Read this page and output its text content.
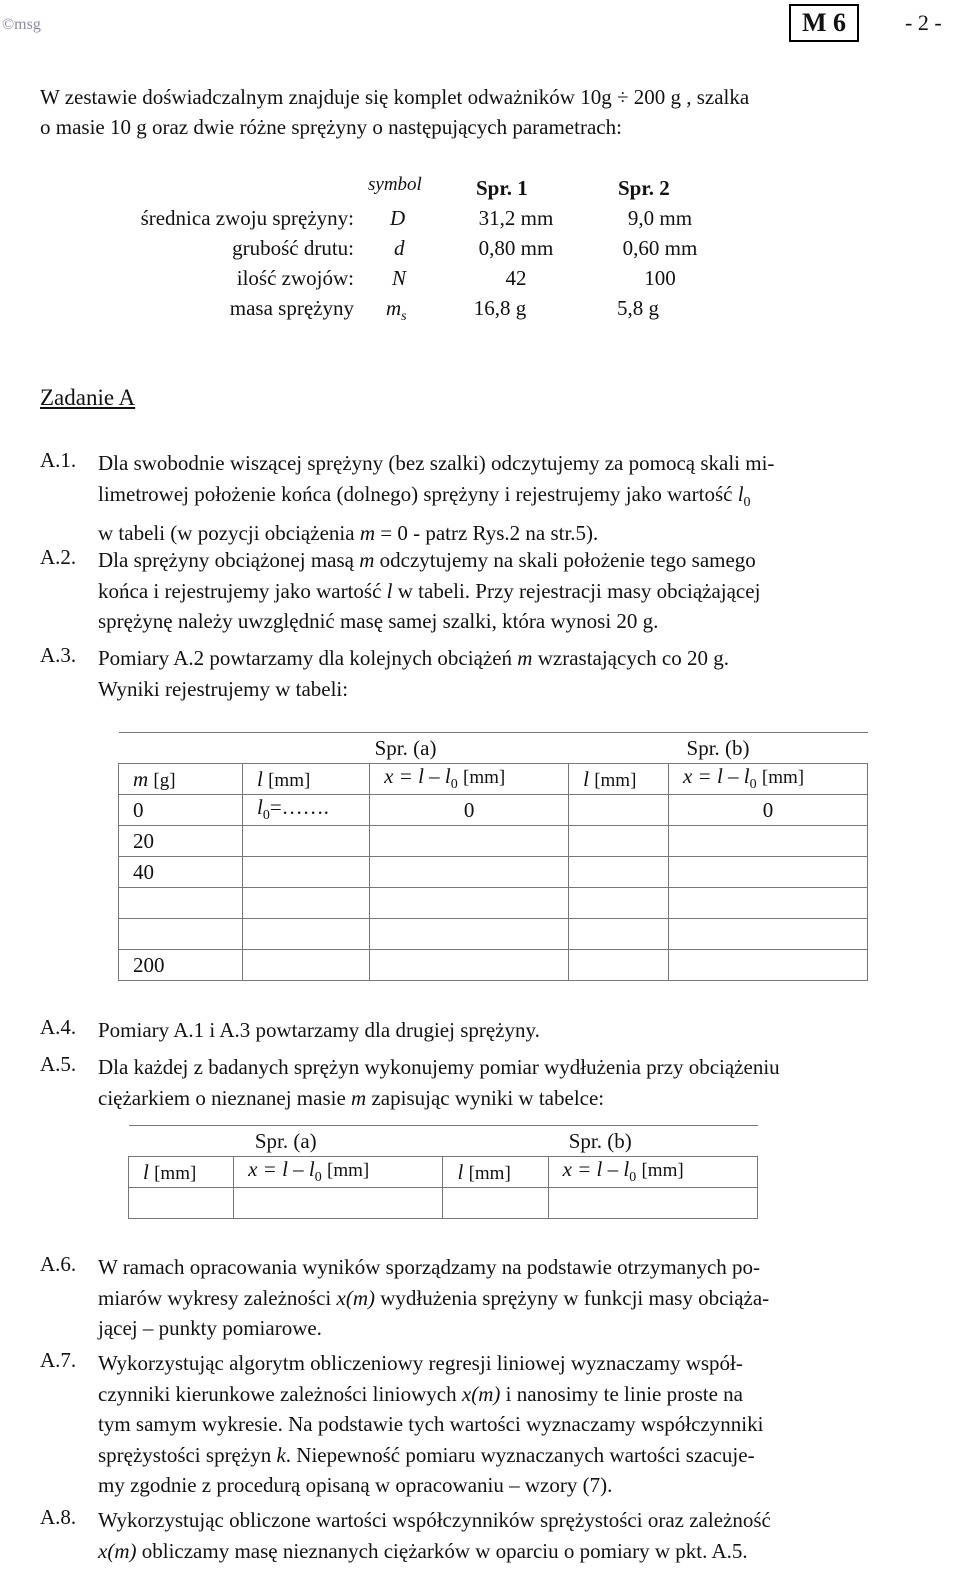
©msg	M 6	- 2 -
W zestawie doświadczalnym znajduje się komplet odważników 10g ÷ 200 g , szalka
o masie 10 g oraz dwie różne sprężyny o następujących parametrach:
symbol	Spr. 1	Spr. 2
średnica zwoju sprężyny: D	31,2 mm	9,0 mm
grubość drutu: d	0,80 mm	0,60 mm
ilość zwojów: N	42	100
masa sprężyny $m_s$	16,8 g	5,8 g
Zadanie A
A.1. Dla swobodnie wiszącej sprężyny (bez szalki) odczytujemy za pomocą skali mi-
limetrowej położenie końca (dolnego) sprężyny i rejestrujemy jako wartość $l_0$
w tabeli (w pozycji obciążenia m = 0 - patrz Rys.2 na str.5).
A.2. Dla sprężyny obciążonej masą m odczytujemy na skali położenie tego samego
końca i rejestrujemy jako wartość l w tabeli. Przy rejestracji masy obciążającej
sprężynę należy uwzględnić masę samej szalki, która wynosi 20 g.
A.3. Pomiary A.2 powtarzamy dla kolejnych obciążeń m wzrastających co 20 g.
Wyniki rejestrujemy w tabeli:
	Spr. (a)		Spr. (b)	
m [g]	l [mm]	$x = l - l_0$ [mm]	l [mm]	$x = l - l_0$ [mm]
0	$l_0=\dots\dots$.	0		0
20				
40				

200				
A.4. Pomiary A.1 i A.3 powtarzamy dla drugiej sprężyny.
A.5. Dla każdej z badanych sprężyn wykonujemy pomiar wydłużenia przy obciążeniu
ciężarkiem o nieznanej masie m zapisując wyniki w tabelce:
Spr. (a)		Spr. (b)	
l [mm]	$x = l - l_0$ [mm]	l [mm]	$x = l - l_0$ [mm]

A.6. W ramach opracowania wyników sporządzamy na podstawie otrzymanych po-
miarów wykresy zależności x(m) wydłużenia sprężyny w funkcji masy obciąża-
jącej – punkty pomiarowe.
A.7. Wykorzystując algorytm obliczeniowy regresji liniowej wyznaczamy współ-
czynniki kierunkowe zależności liniowych x(m) i nanosimy te linie proste na
tym samym wykresie. Na podstawie tych wartości wyznaczamy współczynniki
sprężystości sprężyn k. Niepewność pomiaru wyznaczanych wartości szacuje-
my zgodnie z procedurą opisaną w opracowaniu – wzory (7).
A.8. Wykorzystując obliczone wartości współczynników sprężystości oraz zależność
x(m) obliczamy masę nieznanych ciężarków w oparciu o pomiary w pkt. A.5.
